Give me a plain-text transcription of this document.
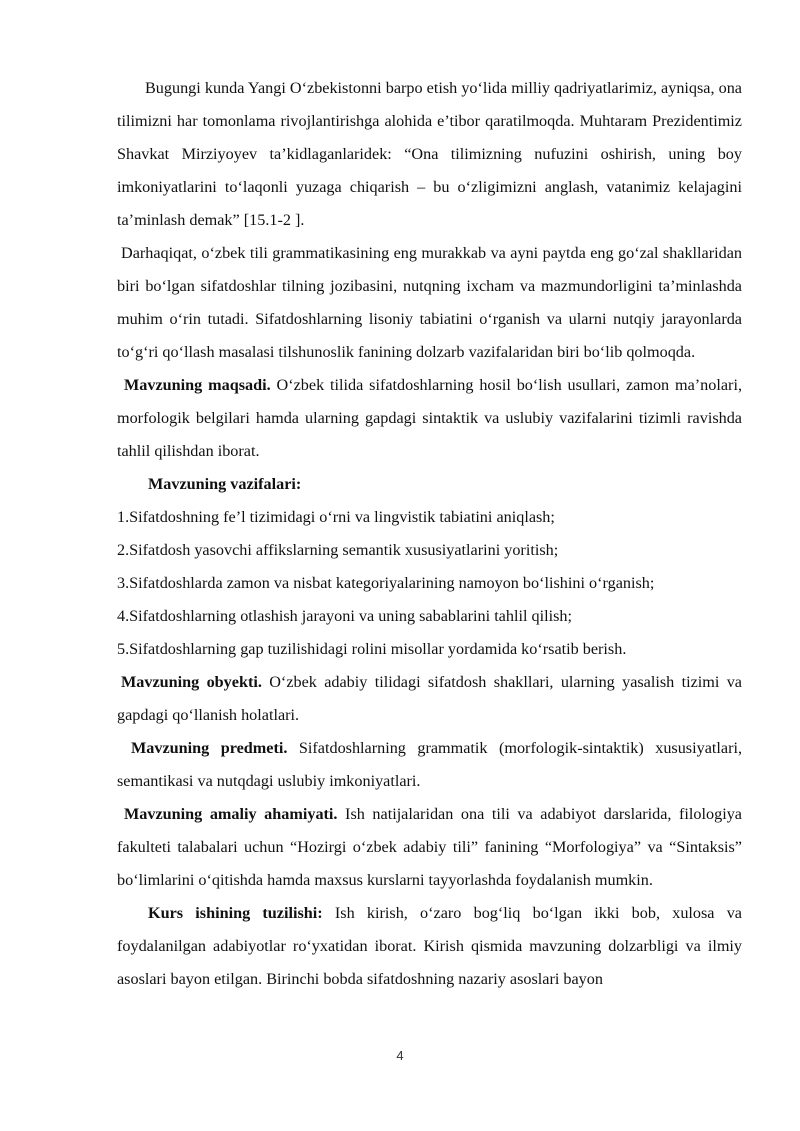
Bugungi kunda Yangi O‘zbekistonni barpo etish yo‘lida milliy qadriyatlarimiz, ayniqsa, ona tilimizni har tomonlama rivojlantirishga alohida e’tibor qaratilmoqda. Muhtaram Prezidentimiz Shavkat Mirziyoyev ta’kidlaganlaridek: “Ona tilimizning nufuzini oshirish, uning boy imkoniyatlarini to‘laqonli yuzaga chiqarish – bu o‘zligimizni anglash, vatanimiz kelajagini ta’minlash demak” [15.1-2 ].

Darhaqiqat, o‘zbek tili grammatikasining eng murakkab va ayni paytda eng go‘zal shakllaridan biri bo‘lgan sifatdoshlar tilning jozibasini, nutqning ixcham va mazmundorligini ta’minlashda muhim o‘rin tutadi. Sifatdoshlarning lisoniy tabiatini o‘rganish va ularni nutqiy jarayonlarda to‘g‘ri qo‘llash masalasi tilshunoslik fanining dolzarb vazifalaridan biri bo‘lib qolmoqda.

Mavzuning maqsadi. O‘zbek tilida sifatdoshlarning hosil bo‘lish usullari, zamon ma’nolari, morfologik belgilari hamda ularning gapdagi sintaktik va uslubiy vazifalarini tizimli ravishda tahlil qilishdan iborat.

Mavzuning vazifalari:

1.Sifatdoshning fe’l tizimidagi o‘rni va lingvistik tabiatini aniqlash;

2.Sifatdosh yasovchi affikslarning semantik xususiyatlarini yoritish;

3.Sifatdoshlarda zamon va nisbat kategoriyalarining namoyon bo‘lishini o‘rganish;

4.Sifatdoshlarning otlashish jarayoni va uning sabablarini tahlil qilish;

5.Sifatdoshlarning gap tuzilishidagi rolini misollar yordamida ko‘rsatib berish.

Mavzuning obyekti. O‘zbek adabiy tilidagi sifatdosh shakllari, ularning yasalish tizimi va gapdagi qo‘llanish holatlari.

Mavzuning predmeti. Sifatdoshlarning grammatik (morfologik-sintaktik) xususiyatlari, semantikasi va nutqdagi uslubiy imkoniyatlari.

Mavzuning amaliy ahamiyati. Ish natijalaridan ona tili va adabiyot darslarida, filologiya fakulteti talabalari uchun “Hozirgi o‘zbek adabiy tili” fanining “Morfologiya” va “Sintaksis” bo‘limlarini o‘qitishda hamda maxsus kurslarni tayyorlashda foydalanish mumkin.

Kurs ishining tuzilishi: Ish kirish, o‘zaro bog‘liq bo‘lgan ikki bob, xulosa va foydalanilgan adabiyotlar ro‘yxatidan iborat. Kirish qismida mavzuning dolzarbligi va ilmiy asoslari bayon etilgan. Birinchi bobda sifatdoshning nazariy asoslari bayon

4
